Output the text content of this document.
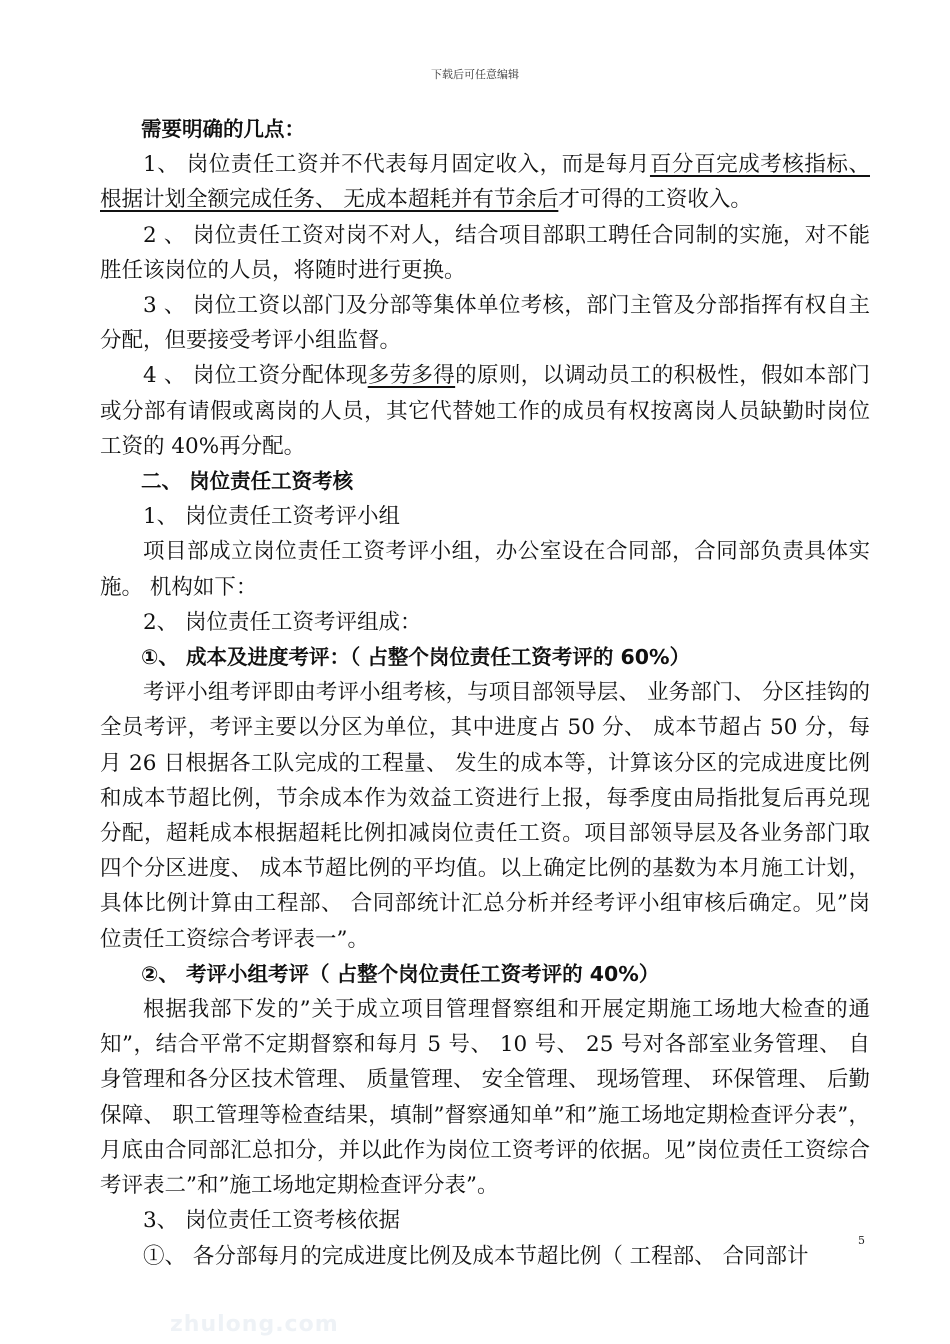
下载后可任意编辑

需要明确的几点：

1、 岗位责任工资并不代表每月固定收入，而是每月百分百完成考核指标、 根据计划全额完成任务、 无成本超耗并有节余后才可得的工资收入。

2 、 岗位责任工资对岗不对人，结合项目部职工聘任合同制的实施，对不能胜任该岗位的人员，将随时进行更换。

3 、 岗位工资以部门及分部等集体单位考核，部门主管及分部指挥有权自主分配，但要接受考评小组监督。

4 、 岗位工资分配体现多劳多得的原则，以调动员工的积极性，假如本部门或分部有请假或离岗的人员，其它代替她工作的成员有权按离岗人员缺勤时岗位工资的 40%再分配。

二、 岗位责任工资考核

1、 岗位责任工资考评小组

项目部成立岗位责任工资考评小组，办公室设在合同部，合同部负责具体实施。 机构如下：

2、 岗位责任工资考评组成：

①、 成本及进度考评：（ 占整个岗位责任工资考评的 60%）

考评小组考评即由考评小组考核，与项目部领导层、 业务部门、 分区挂钩的全员考评，考评主要以分区为单位，其中进度占 50 分、 成本节超占 50 分，每月 26 日根据各工队完成的工程量、 发生的成本等，计算该分区的完成进度比例和成本节超比例，节余成本作为效益工资进行上报，每季度由局指批复后再兑现分配，超耗成本根据超耗比例扣减岗位责任工资。项目部领导层及各业务部门取四个分区进度、 成本节超比例的平均值。以上确定比例的基数为本月施工计划，具体比例计算由工程部、 合同部统计汇总分析并经考评小组审核后确定。见”岗位责任工资综合考评表一”。

②、 考评小组考评（ 占整个岗位责任工资考评的 40%）

根据我部下发的”关于成立项目管理督察组和开展定期施工场地大检查的通知”，结合平常不定期督察和每月 5 号、 10 号、 25 号对各部室业务管理、 自身管理和各分区技术管理、 质量管理、 安全管理、 现场管理、 环保管理、 后勤保障、 职工管理等检查结果，填制”督察通知单”和”施工场地定期检查评分表”，月底由合同部汇总扣分，并以此作为岗位工资考评的依据。见”岗位责任工资综合考评表二”和”施工场地定期检查评分表”。

3、 岗位责任工资考核依据

①、 各分部每月的完成进度比例及成本节超比例（ 工程部、 合同部计

5
zhulong.com
